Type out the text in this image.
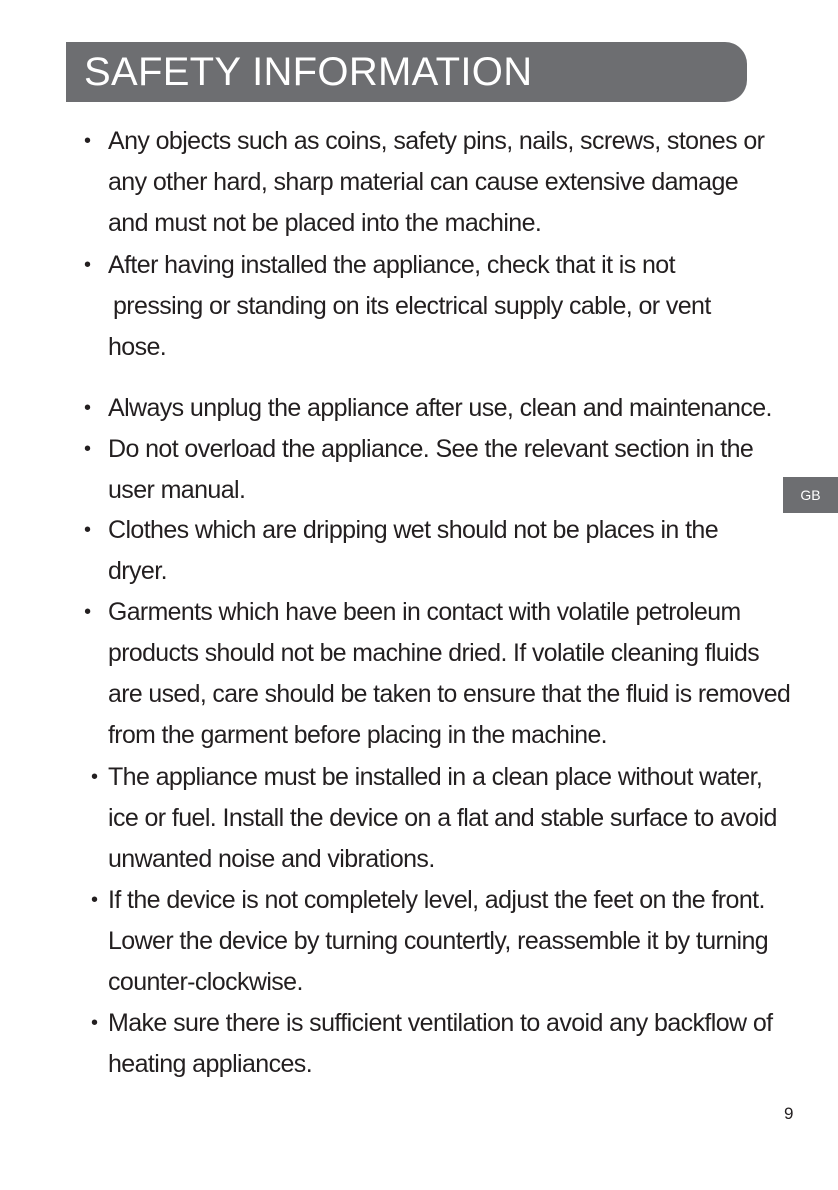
SAFETY INFORMATION
GB
• Any objects such as coins, safety pins, nails, screws, stones or
any other hard, sharp material can cause extensive damage
and must not be placed into the machine.
• After having installed the appliance, check that it is not
pressing or standing on its electrical supply cable, or vent
hose.
• Always unplug the appliance after use, clean and maintenance.
• Do not overload the appliance. See the relevant section in the
user manual.
• Clothes which are dripping wet should not be places in the
dryer.
• Garments which have been in contact with volatile petroleum
products should not be machine dried. If volatile cleaning fluids
are used, care should be taken to ensure that the fluid is removed
from the garment before placing in the machine.
• The appliance must be installed in a clean place without water,
ice or fuel. Install the device on a flat and stable surface to avoid
unwanted noise and vibrations.
• If the device is not completely level, adjust the feet on the front.
Lower the device by turning countertly, reassemble it by turning
counter-clockwise.
• Make sure there is sufficient ventilation to avoid any backflow of
heating appliances.
9
